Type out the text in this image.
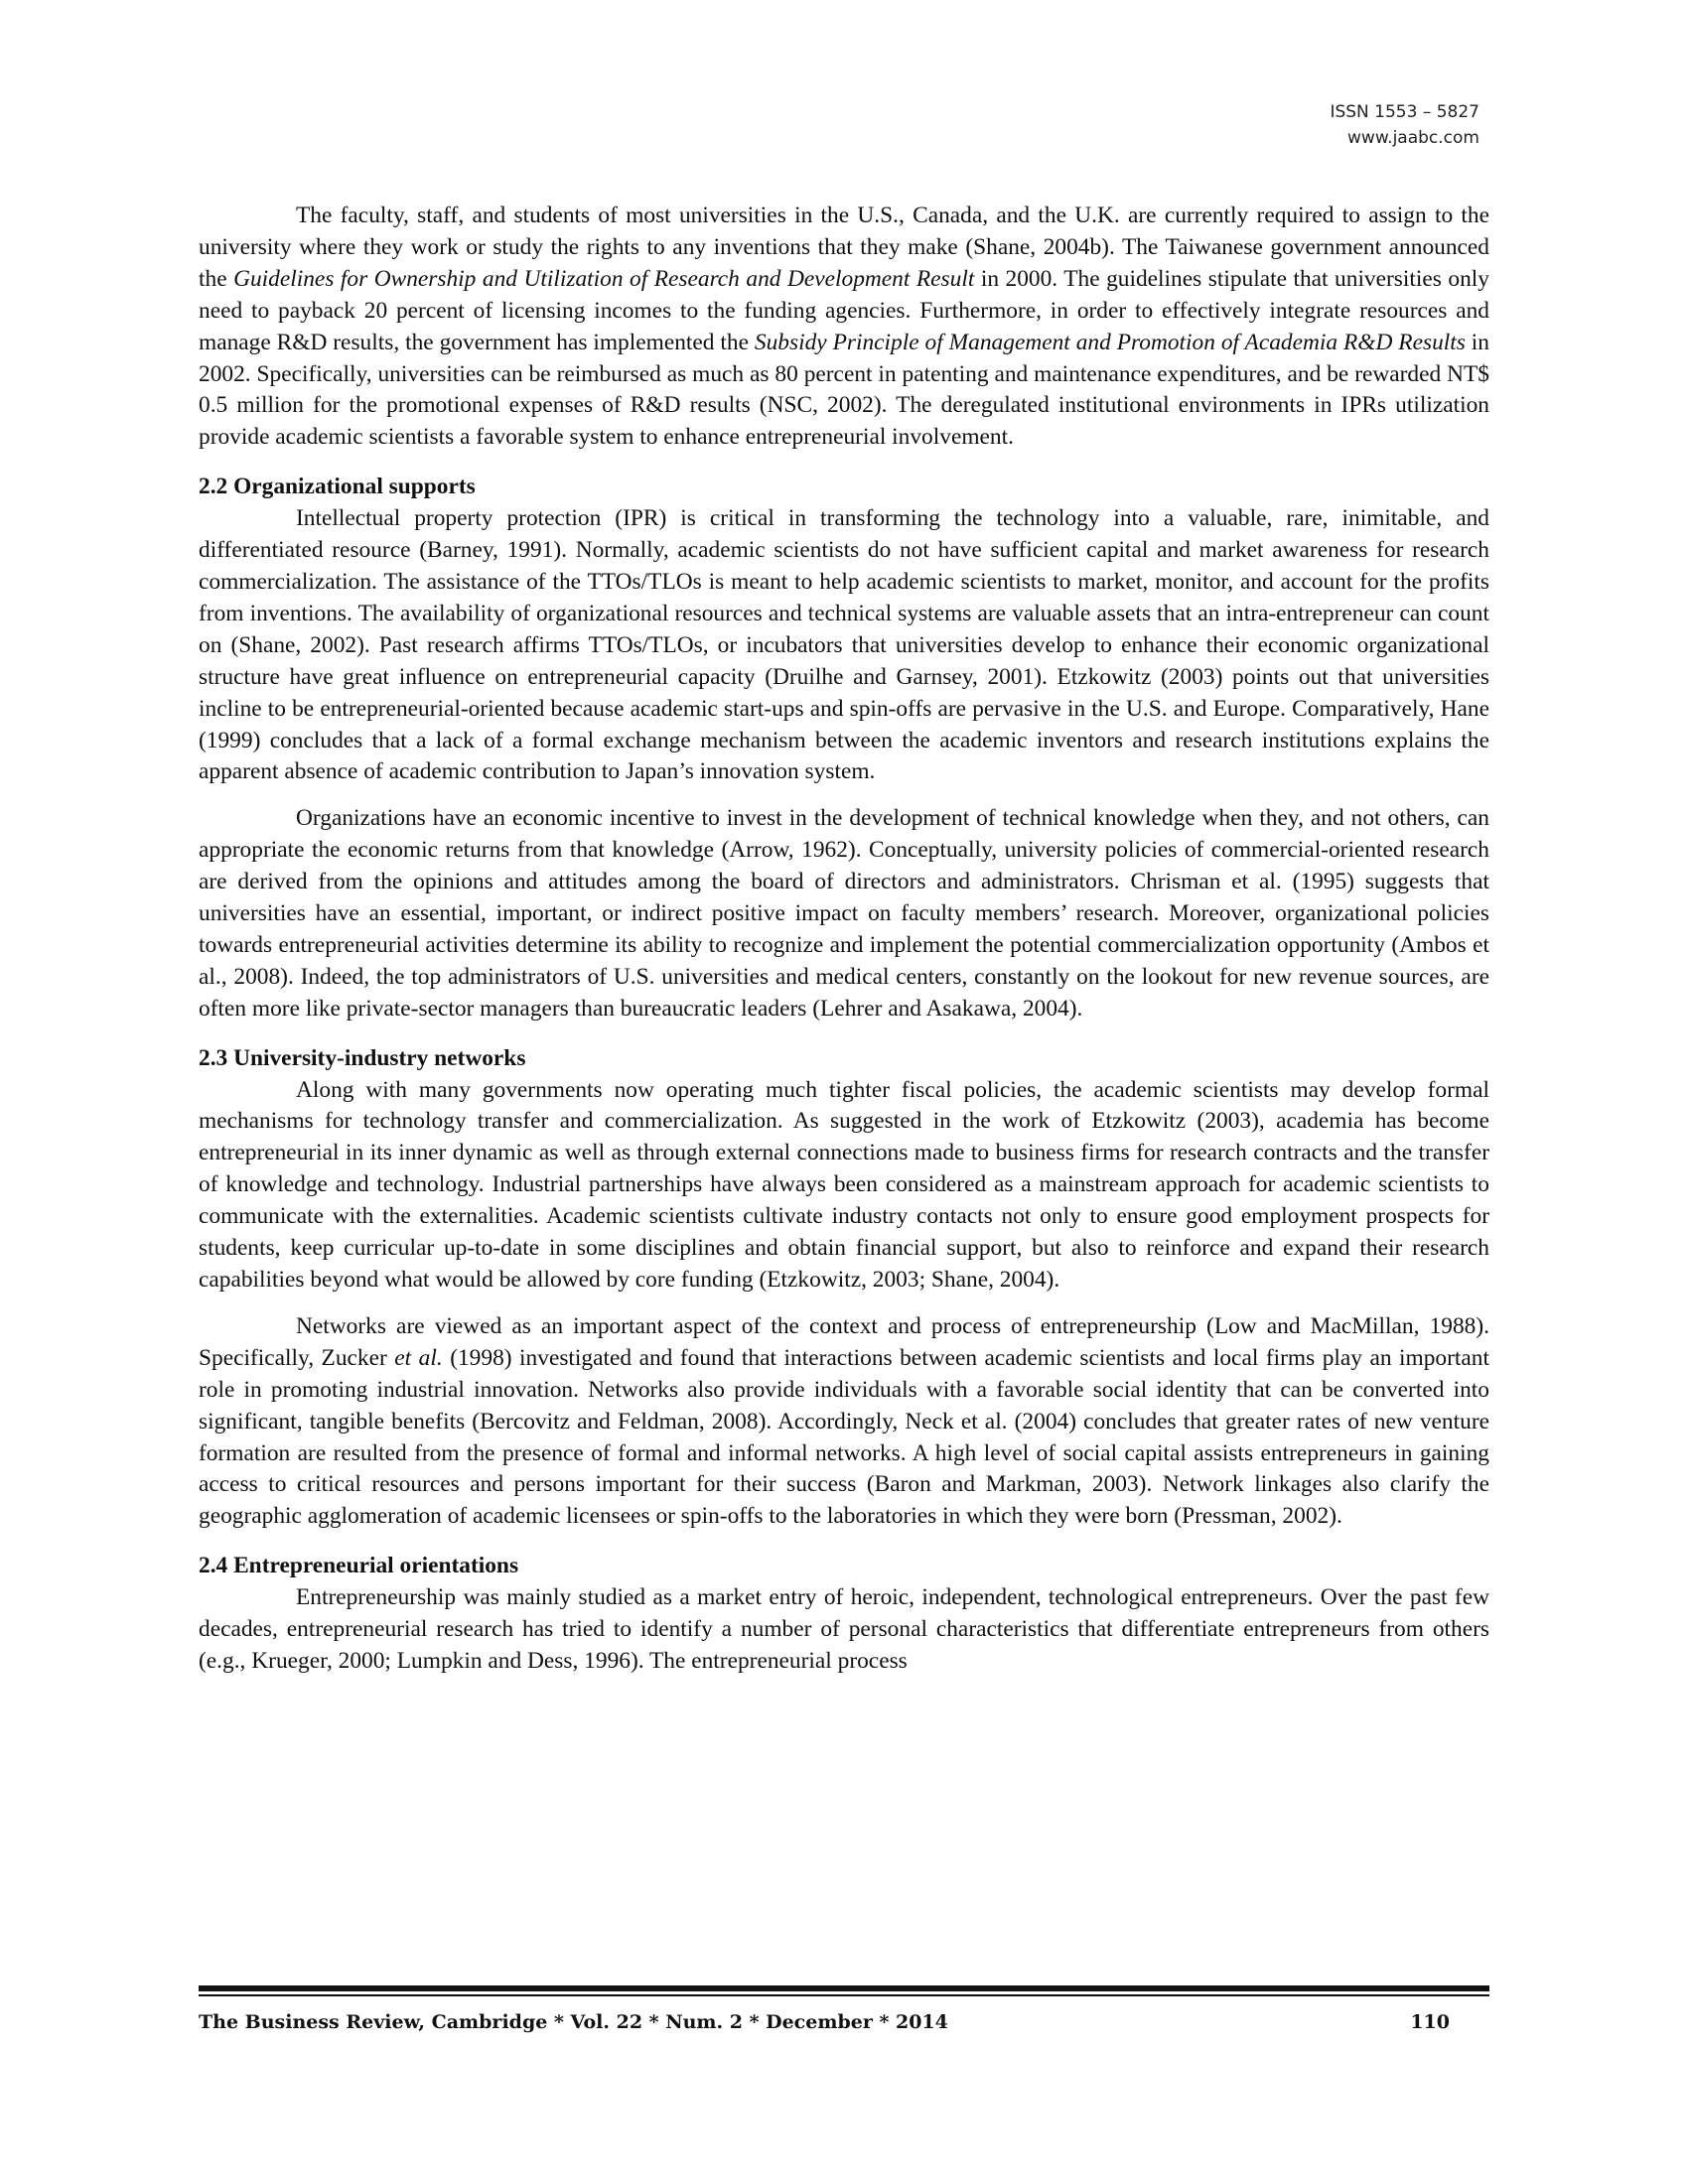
ISSN 1553 – 5827
www.jaabc.com

The faculty, staff, and students of most universities in the U.S., Canada, and the U.K. are currently required to assign to the university where they work or study the rights to any inventions that they make (Shane, 2004b). The Taiwanese government announced the Guidelines for Ownership and Utilization of Research and Development Result in 2000. The guidelines stipulate that universities only need to payback 20 percent of licensing incomes to the funding agencies. Furthermore, in order to effectively integrate resources and manage R&D results, the government has implemented the Subsidy Principle of Management and Promotion of Academia R&D Results in 2002. Specifically, universities can be reimbursed as much as 80 percent in patenting and maintenance expenditures, and be rewarded NT$ 0.5 million for the promotional expenses of R&D results (NSC, 2002). The deregulated institutional environments in IPRs utilization provide academic scientists a favorable system to enhance entrepreneurial involvement.

2.2 Organizational supports

Intellectual property protection (IPR) is critical in transforming the technology into a valuable, rare, inimitable, and differentiated resource (Barney, 1991). Normally, academic scientists do not have sufficient capital and market awareness for research commercialization. The assistance of the TTOs/TLOs is meant to help academic scientists to market, monitor, and account for the profits from inventions. The availability of organizational resources and technical systems are valuable assets that an intra-entrepreneur can count on (Shane, 2002). Past research affirms TTOs/TLOs, or incubators that universities develop to enhance their economic organizational structure have great influence on entrepreneurial capacity (Druilhe and Garnsey, 2001). Etzkowitz (2003) points out that universities incline to be entrepreneurial-oriented because academic start-ups and spin-offs are pervasive in the U.S. and Europe. Comparatively, Hane (1999) concludes that a lack of a formal exchange mechanism between the academic inventors and research institutions explains the apparent absence of academic contribution to Japan’s innovation system.

Organizations have an economic incentive to invest in the development of technical knowledge when they, and not others, can appropriate the economic returns from that knowledge (Arrow, 1962). Conceptually, university policies of commercial-oriented research are derived from the opinions and attitudes among the board of directors and administrators. Chrisman et al. (1995) suggests that universities have an essential, important, or indirect positive impact on faculty members’ research. Moreover, organizational policies towards entrepreneurial activities determine its ability to recognize and implement the potential commercialization opportunity (Ambos et al., 2008). Indeed, the top administrators of U.S. universities and medical centers, constantly on the lookout for new revenue sources, are often more like private-sector managers than bureaucratic leaders (Lehrer and Asakawa, 2004).

2.3 University-industry networks

Along with many governments now operating much tighter fiscal policies, the academic scientists may develop formal mechanisms for technology transfer and commercialization. As suggested in the work of Etzkowitz (2003), academia has become entrepreneurial in its inner dynamic as well as through external connections made to business firms for research contracts and the transfer of knowledge and technology. Industrial partnerships have always been considered as a mainstream approach for academic scientists to communicate with the externalities. Academic scientists cultivate industry contacts not only to ensure good employment prospects for students, keep curricular up-to-date in some disciplines and obtain financial support, but also to reinforce and expand their research capabilities beyond what would be allowed by core funding (Etzkowitz, 2003; Shane, 2004).

Networks are viewed as an important aspect of the context and process of entrepreneurship (Low and MacMillan, 1988). Specifically, Zucker et al. (1998) investigated and found that interactions between academic scientists and local firms play an important role in promoting industrial innovation. Networks also provide individuals with a favorable social identity that can be converted into significant, tangible benefits (Bercovitz and Feldman, 2008). Accordingly, Neck et al. (2004) concludes that greater rates of new venture formation are resulted from the presence of formal and informal networks. A high level of social capital assists entrepreneurs in gaining access to critical resources and persons important for their success (Baron and Markman, 2003). Network linkages also clarify the geographic agglomeration of academic licensees or spin-offs to the laboratories in which they were born (Pressman, 2002).

2.4 Entrepreneurial orientations

Entrepreneurship was mainly studied as a market entry of heroic, independent, technological entrepreneurs. Over the past few decades, entrepreneurial research has tried to identify a number of personal characteristics that differentiate entrepreneurs from others (e.g., Krueger, 2000; Lumpkin and Dess, 1996). The entrepreneurial process

The Business Review, Cambridge * Vol. 22 * Num. 2 * December * 2014	110
